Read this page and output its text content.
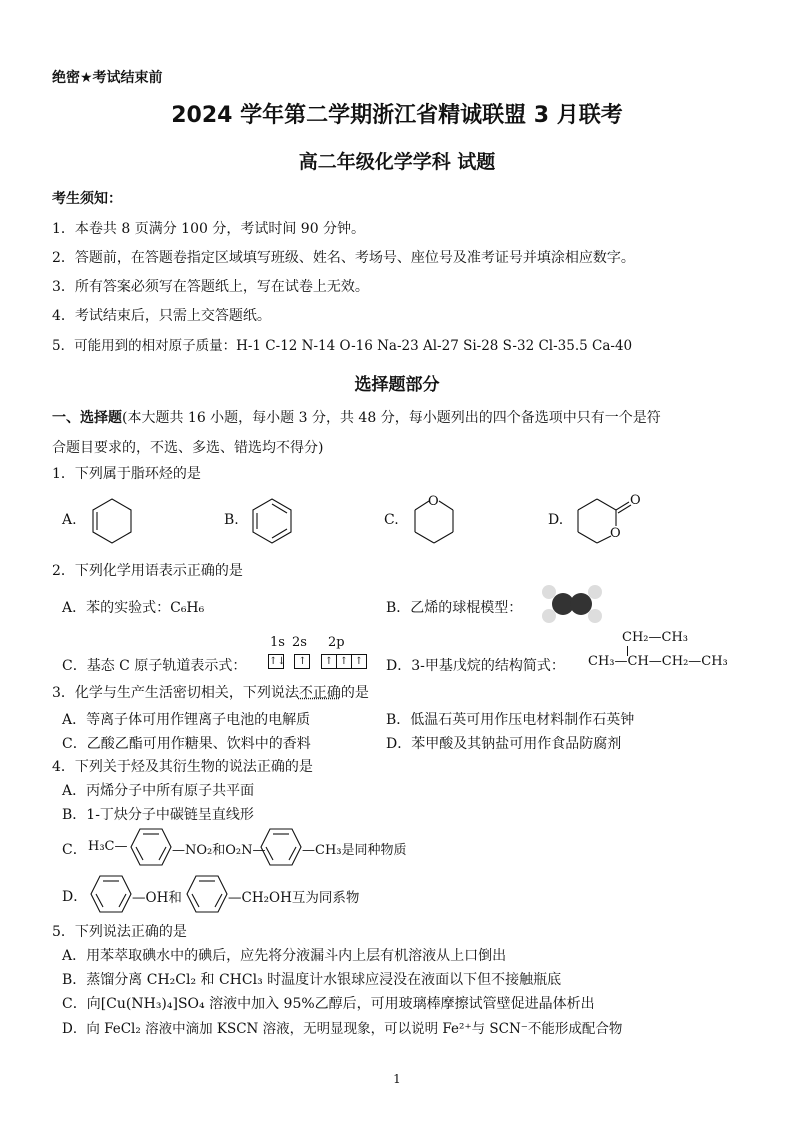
绝密★考试结束前
2024 学年第二学期浙江省精诚联盟 3 月联考
高二年级化学学科 试题
考生须知：
1．本卷共 8 页满分 100 分，考试时间 90 分钟。
2．答题前，在答题卷指定区域填写班级、姓名、考场号、座位号及准考证号并填涂相应数字。
3．所有答案必须写在答题纸上，写在试卷上无效。
4．考试结束后，只需上交答题纸。
5．可能用到的相对原子质量：H-1 C-12 N-14 O-16 Na-23 Al-27 Si-28 S-32 Cl-35.5 Ca-40
选择题部分
一、选择题(本大题共 16 小题，每小题 3 分，共 48 分，每小题列出的四个备选项中只有一个是符
合题目要求的，不选、多选、错选均不得分)
1．下列属于脂环烃的是
A.	B.	C.
O
D.
O
O
2．下列化学用语表示正确的是
A．苯的实验式：C₆H₆	B．乙烯的球棍模型：
C．基态 C 原子轨道表示式：
1s 2s 2p
↑↓ ↑ ↑ ↑ ↑ D．3-甲基戊烷的结构简式：
CH₂—CH₃
CH₃—CH—CH₂—CH₃
3．化学与生产生活密切相关，下列说法不正确的是
A．等离子体可用作锂离子电池的电解质	B．低温石英可用作压电材料制作石英钟
C．乙酸乙酯可用作糖果、饮料中的香料	D．苯甲酸及其钠盐可用作食品防腐剂
4．下列关于烃及其衍生物的说法正确的是
A．丙烯分子中所有原子共平面
B．1-丁炔分子中碳链呈直线形
C． H₃C—	—NO₂和O₂N—	—CH₃是同种物质
D．	—OH和	—CH₂OH互为同系物
5．下列说法正确的是
A．用苯萃取碘水中的碘后，应先将分液漏斗内上层有机溶液从上口倒出
B．蒸馏分离 CH₂Cl₂ 和 CHCl₃ 时温度计水银球应浸没在液面以下但不接触瓶底
C．向[Cu(NH₃)₄]SO₄ 溶液中加入 95%乙醇后，可用玻璃棒摩擦试管壁促进晶体析出
D．向 FeCl₂ 溶液中滴加 KSCN 溶液，无明显现象，可以说明 Fe²⁺与 SCN⁻不能形成配合物
1
